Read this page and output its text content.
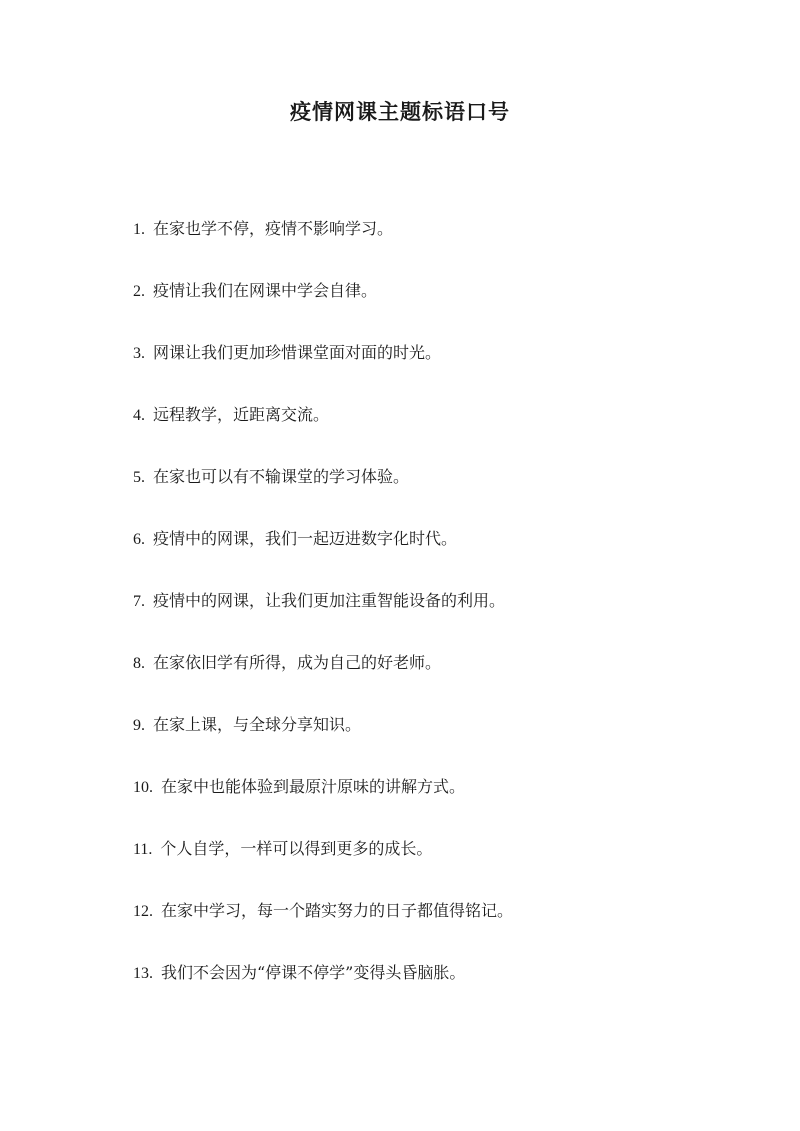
疫情网课主题标语口号
1. 在家也学不停，疫情不影响学习。
2. 疫情让我们在网课中学会自律。
3. 网课让我们更加珍惜课堂面对面的时光。
4. 远程教学，近距离交流。
5. 在家也可以有不输课堂的学习体验。
6. 疫情中的网课，我们一起迈进数字化时代。
7. 疫情中的网课，让我们更加注重智能设备的利用。
8. 在家依旧学有所得，成为自己的好老师。
9. 在家上课，与全球分享知识。
10. 在家中也能体验到最原汁原味的讲解方式。
11. 个人自学，一样可以得到更多的成长。
12. 在家中学习，每一个踏实努力的日子都值得铭记。
13. 我们不会因为“停课不停学”变得头昏脑胀。
